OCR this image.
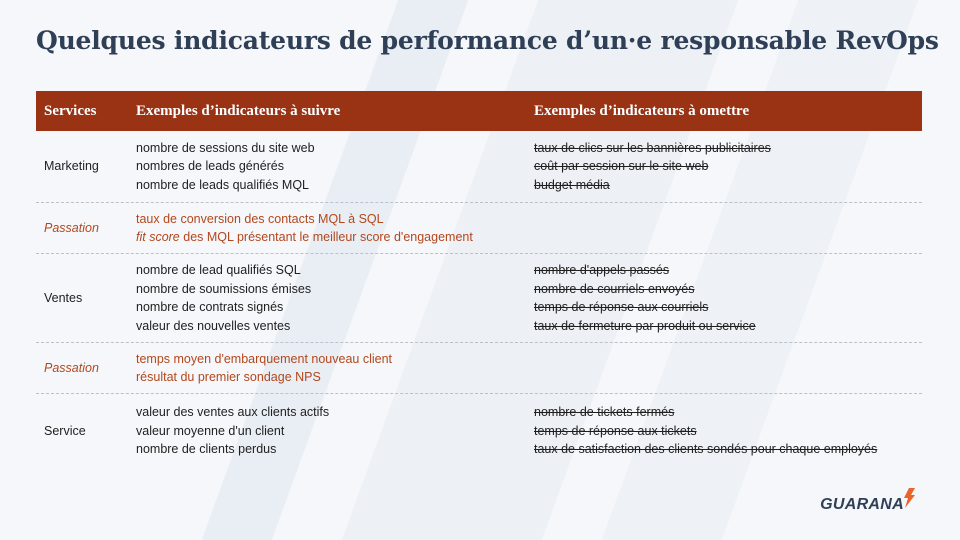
Quelques indicateurs de performance d’un·e responsable RevOps
Services	Exemples d’indicateurs à suivre	Exemples d’indicateurs à omettre
Marketing
nombre de sessions du site web
nombres de leads générés
nombre de leads qualifiés MQL
taux de clics sur les bannières publicitaires
coût par session sur le site web
budget média
Passation
taux de conversion des contacts MQL à SQL
fit score des MQL présentant le meilleur score d'engagement
Ventes
nombre de lead qualifiés SQL
nombre de soumissions émises
nombre de contrats signés
valeur des nouvelles ventes
nombre d'appels passés
nombre de courriels envoyés
temps de réponse aux courriels
taux de fermeture par produit ou service
Passation
temps moyen d'embarquement nouveau client
résultat du premier sondage NPS
Service
valeur des ventes aux clients actifs
valeur moyenne d'un client
nombre de clients perdus
nombre de tickets fermés
temps de réponse aux tickets
taux de satisfaction des clients sondés pour chaque employés
GUARANA
